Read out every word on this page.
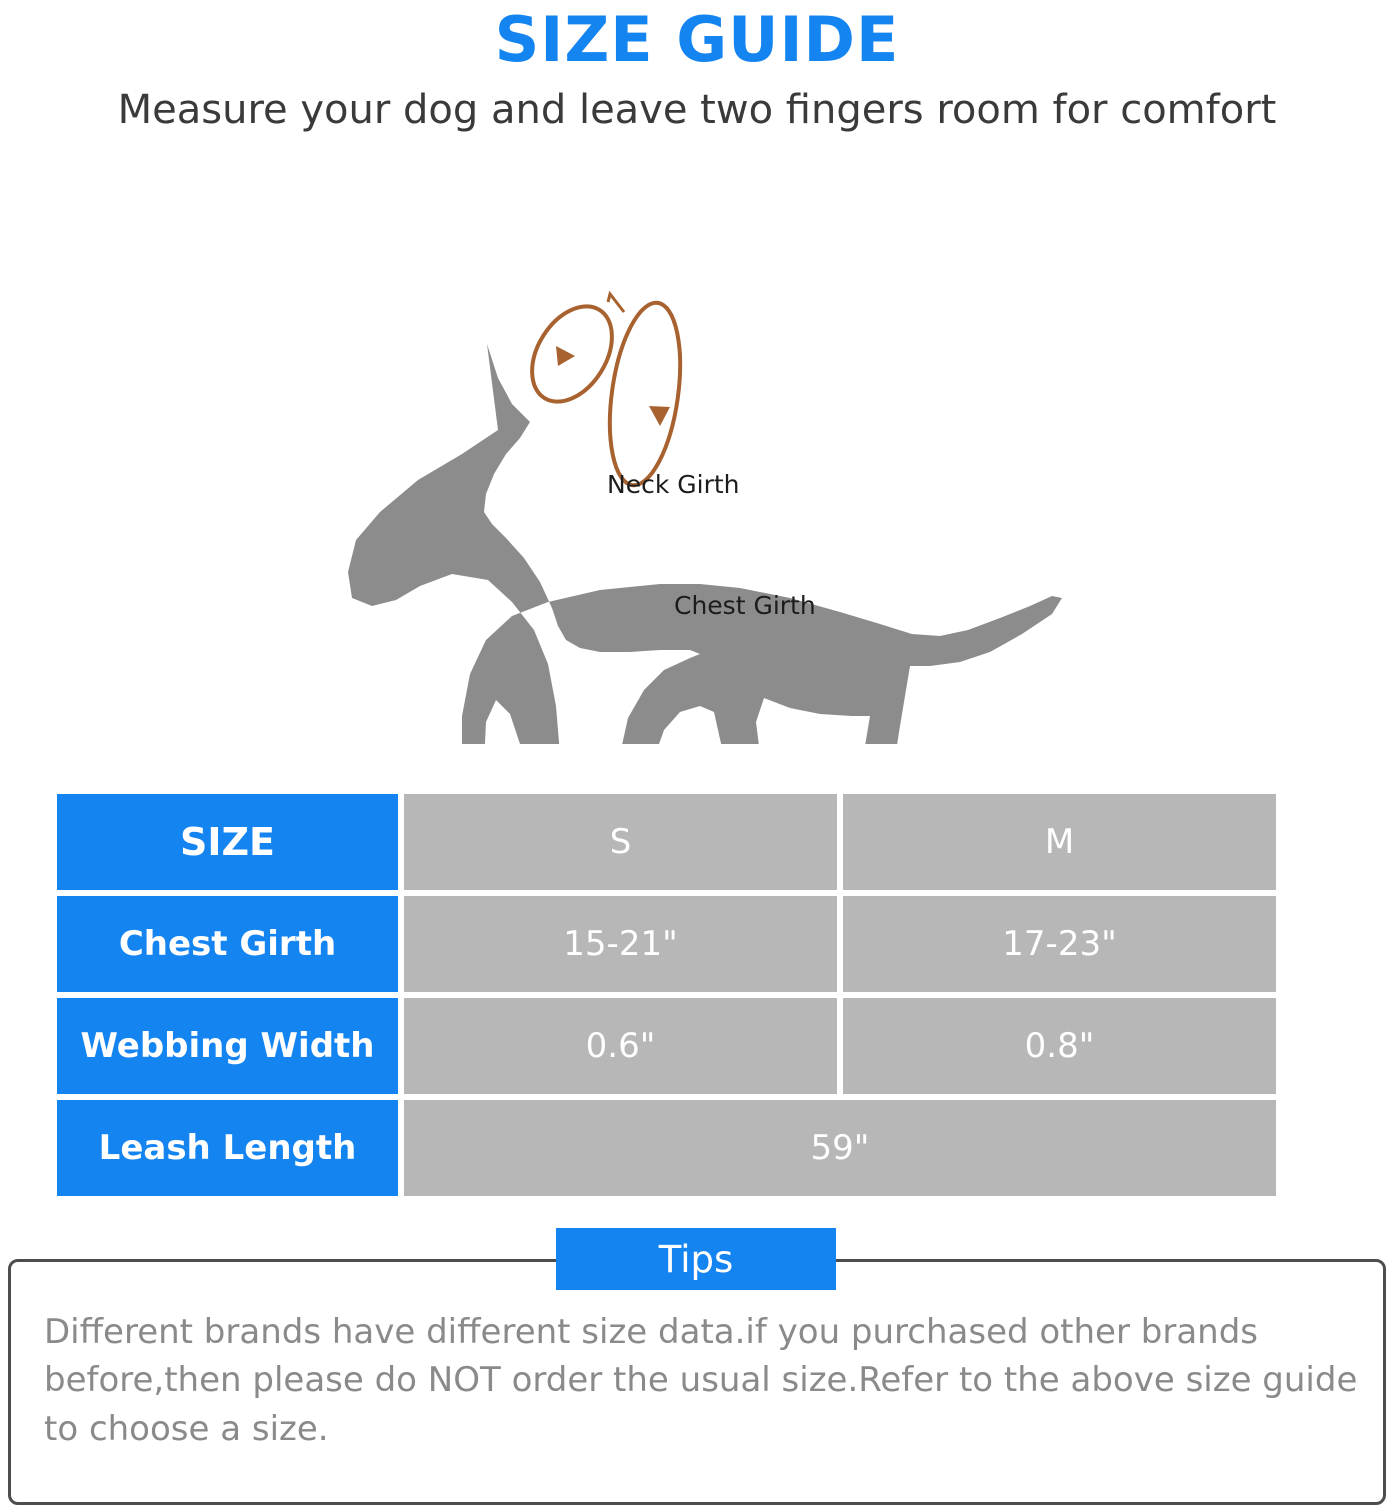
SIZE GUIDE
Measure your dog and leave two fingers room for comfort
Neck Girth
Chest Girth
SIZE	S	M
Chest Girth	15-21"	17-23"
Webbing Width	0.6"	0.8"
Leash Length	59"
Tips
Different brands have different size data.if you purchased other brands before,then please do NOT order the usual size.Refer to the above size guide to choose a size.
